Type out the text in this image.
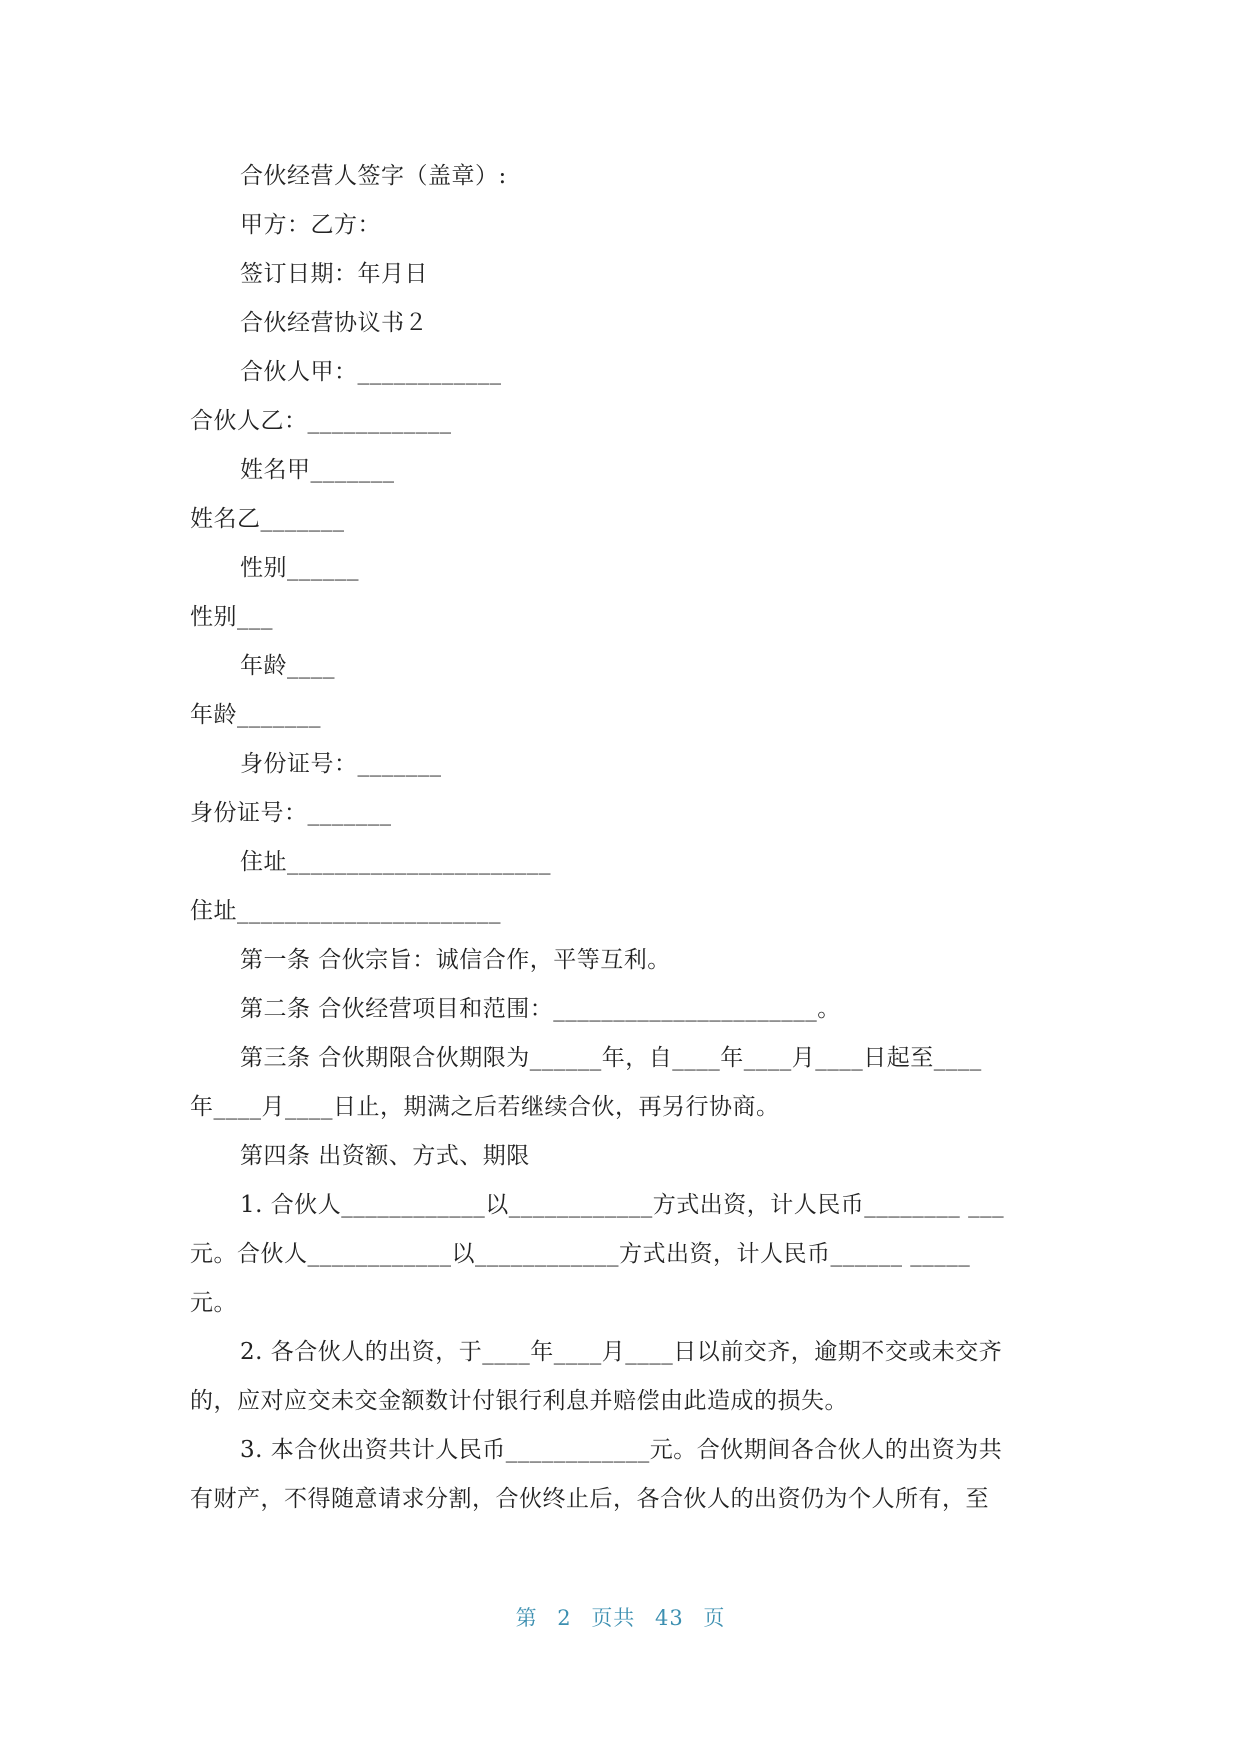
合伙经营人签字（盖章）:
甲方：乙方：
签订日期：年月日
合伙经营协议书２
合伙人甲：____________
合伙人乙：____________
姓名甲_______
姓名乙_______
性别______
性别___
年龄____
年龄_______
身份证号：_______
身份证号：_______
住址______________________
住址______________________
第一条 合伙宗旨：诚信合作，平等互利。
第二条 合伙经营项目和范围：______________________。
第三条 合伙期限合伙期限为______年，自____年____月____日起至____
年____月____日止，期满之后若继续合伙，再另行协商。
第四条 出资额、方式、期限
1. 合伙人____________以____________方式出资，计人民币________ ___
元。合伙人____________以____________方式出资，计人民币______ _____
元。
2. 各合伙人的出资，于____年____月____日以前交齐，逾期不交或未交齐
的，应对应交未交金额数计付银行利息并赔偿由此造成的损失。
3. 本合伙出资共计人民币____________元。合伙期间各合伙人的出资为共
有财产，不得随意请求分割，合伙终止后，各合伙人的出资仍为个人所有，至
第 2 页共 43 页
